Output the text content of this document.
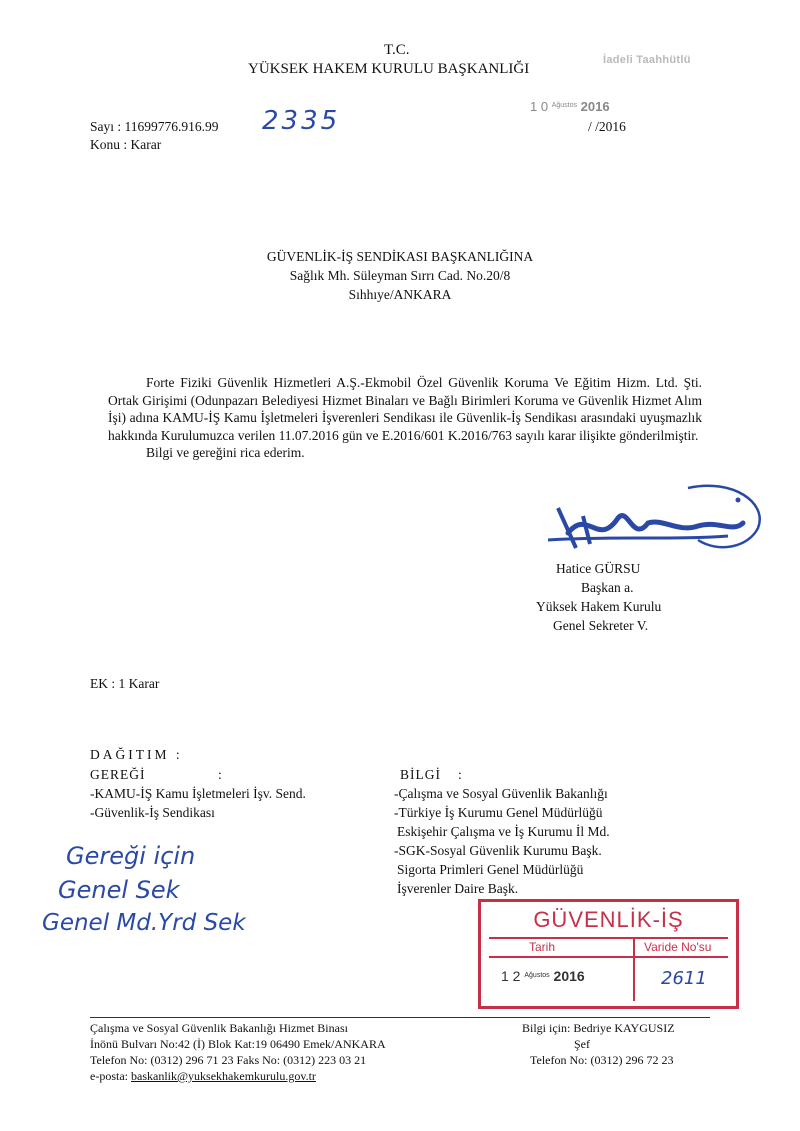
T.C.
YÜKSEK HAKEM KURULU BAŞKANLIĞI
İadeli Taahhütlü
1 0 $^{Ağustos}$ 2016
Sayı : 11699776.916.99 2335	/ /2016
Konu : Karar
GÜVENLİK-İŞ SENDİKASI BAŞKANLIĞINA
Sağlık Mh. Süleyman Sırrı Cad. No.20/8
Sıhhıye/ANKARA

Forte Fiziki Güvenlik Hizmetleri A.Ş.-Ekmobil Özel Güvenlik Koruma Ve Eğitim Hizm. Ltd. Şti. Ortak Girişimi (Odunpazarı Belediyesi Hizmet Binaları ve Bağlı Birimleri Koruma ve Güvenlik Hizmet Alım İşi) adına KAMU-İŞ Kamu İşletmeleri İşverenleri Sendikası ile Güvenlik-İş Sendikası arasındaki uyuşmazlık hakkında Kurulumuzca verilen 11.07.2016 gün ve E.2016/601 K.2016/763 sayılı karar ilişikte gönderilmiştir.

Bilgi ve gereğini rica ederim.

Hatice GÜRSU
Başkan a.
Yüksek Hakem Kurulu
Genel Sekreter V.
EK : 1 Karar
DAĞITIM :
GEREĞİ	:
-KAMU-İŞ Kamu İşletmeleri İşv. Send.
-Güvenlik-İş Sendikası
BİLGİ :
-Çalışma ve Sosyal Güvenlik Bakanlığı
-Türkiye İş Kurumu Genel Müdürlüğü
Eskişehir Çalışma ve İş Kurumu İl Md.
-SGK-Sosyal Güvenlik Kurumu Başk.
Sigorta Primleri Genel Müdürlüğü
İşverenler Daire Başk.
Gereği için
Genel Sek
Genel Md.Yrd Sek	GÜVENLİK-İŞ
Tarih	Varide No'su
1 2 $^{Ağustos}$ 2016	2611
Çalışma ve Sosyal Güvenlik Bakanlığı Hizmet Binası
İnönü Bulvarı No:42 (İ) Blok Kat:19 06490 Emek/ANKARA
Telefon No: (0312) 296 71 23 Faks No: (0312) 223 03 21
e-posta: baskanlik@yuksekhakemkurulu.gov.tr
Bilgi için: Bedriye KAYGUSIZ
Şef
Telefon No: (0312) 296 72 23
